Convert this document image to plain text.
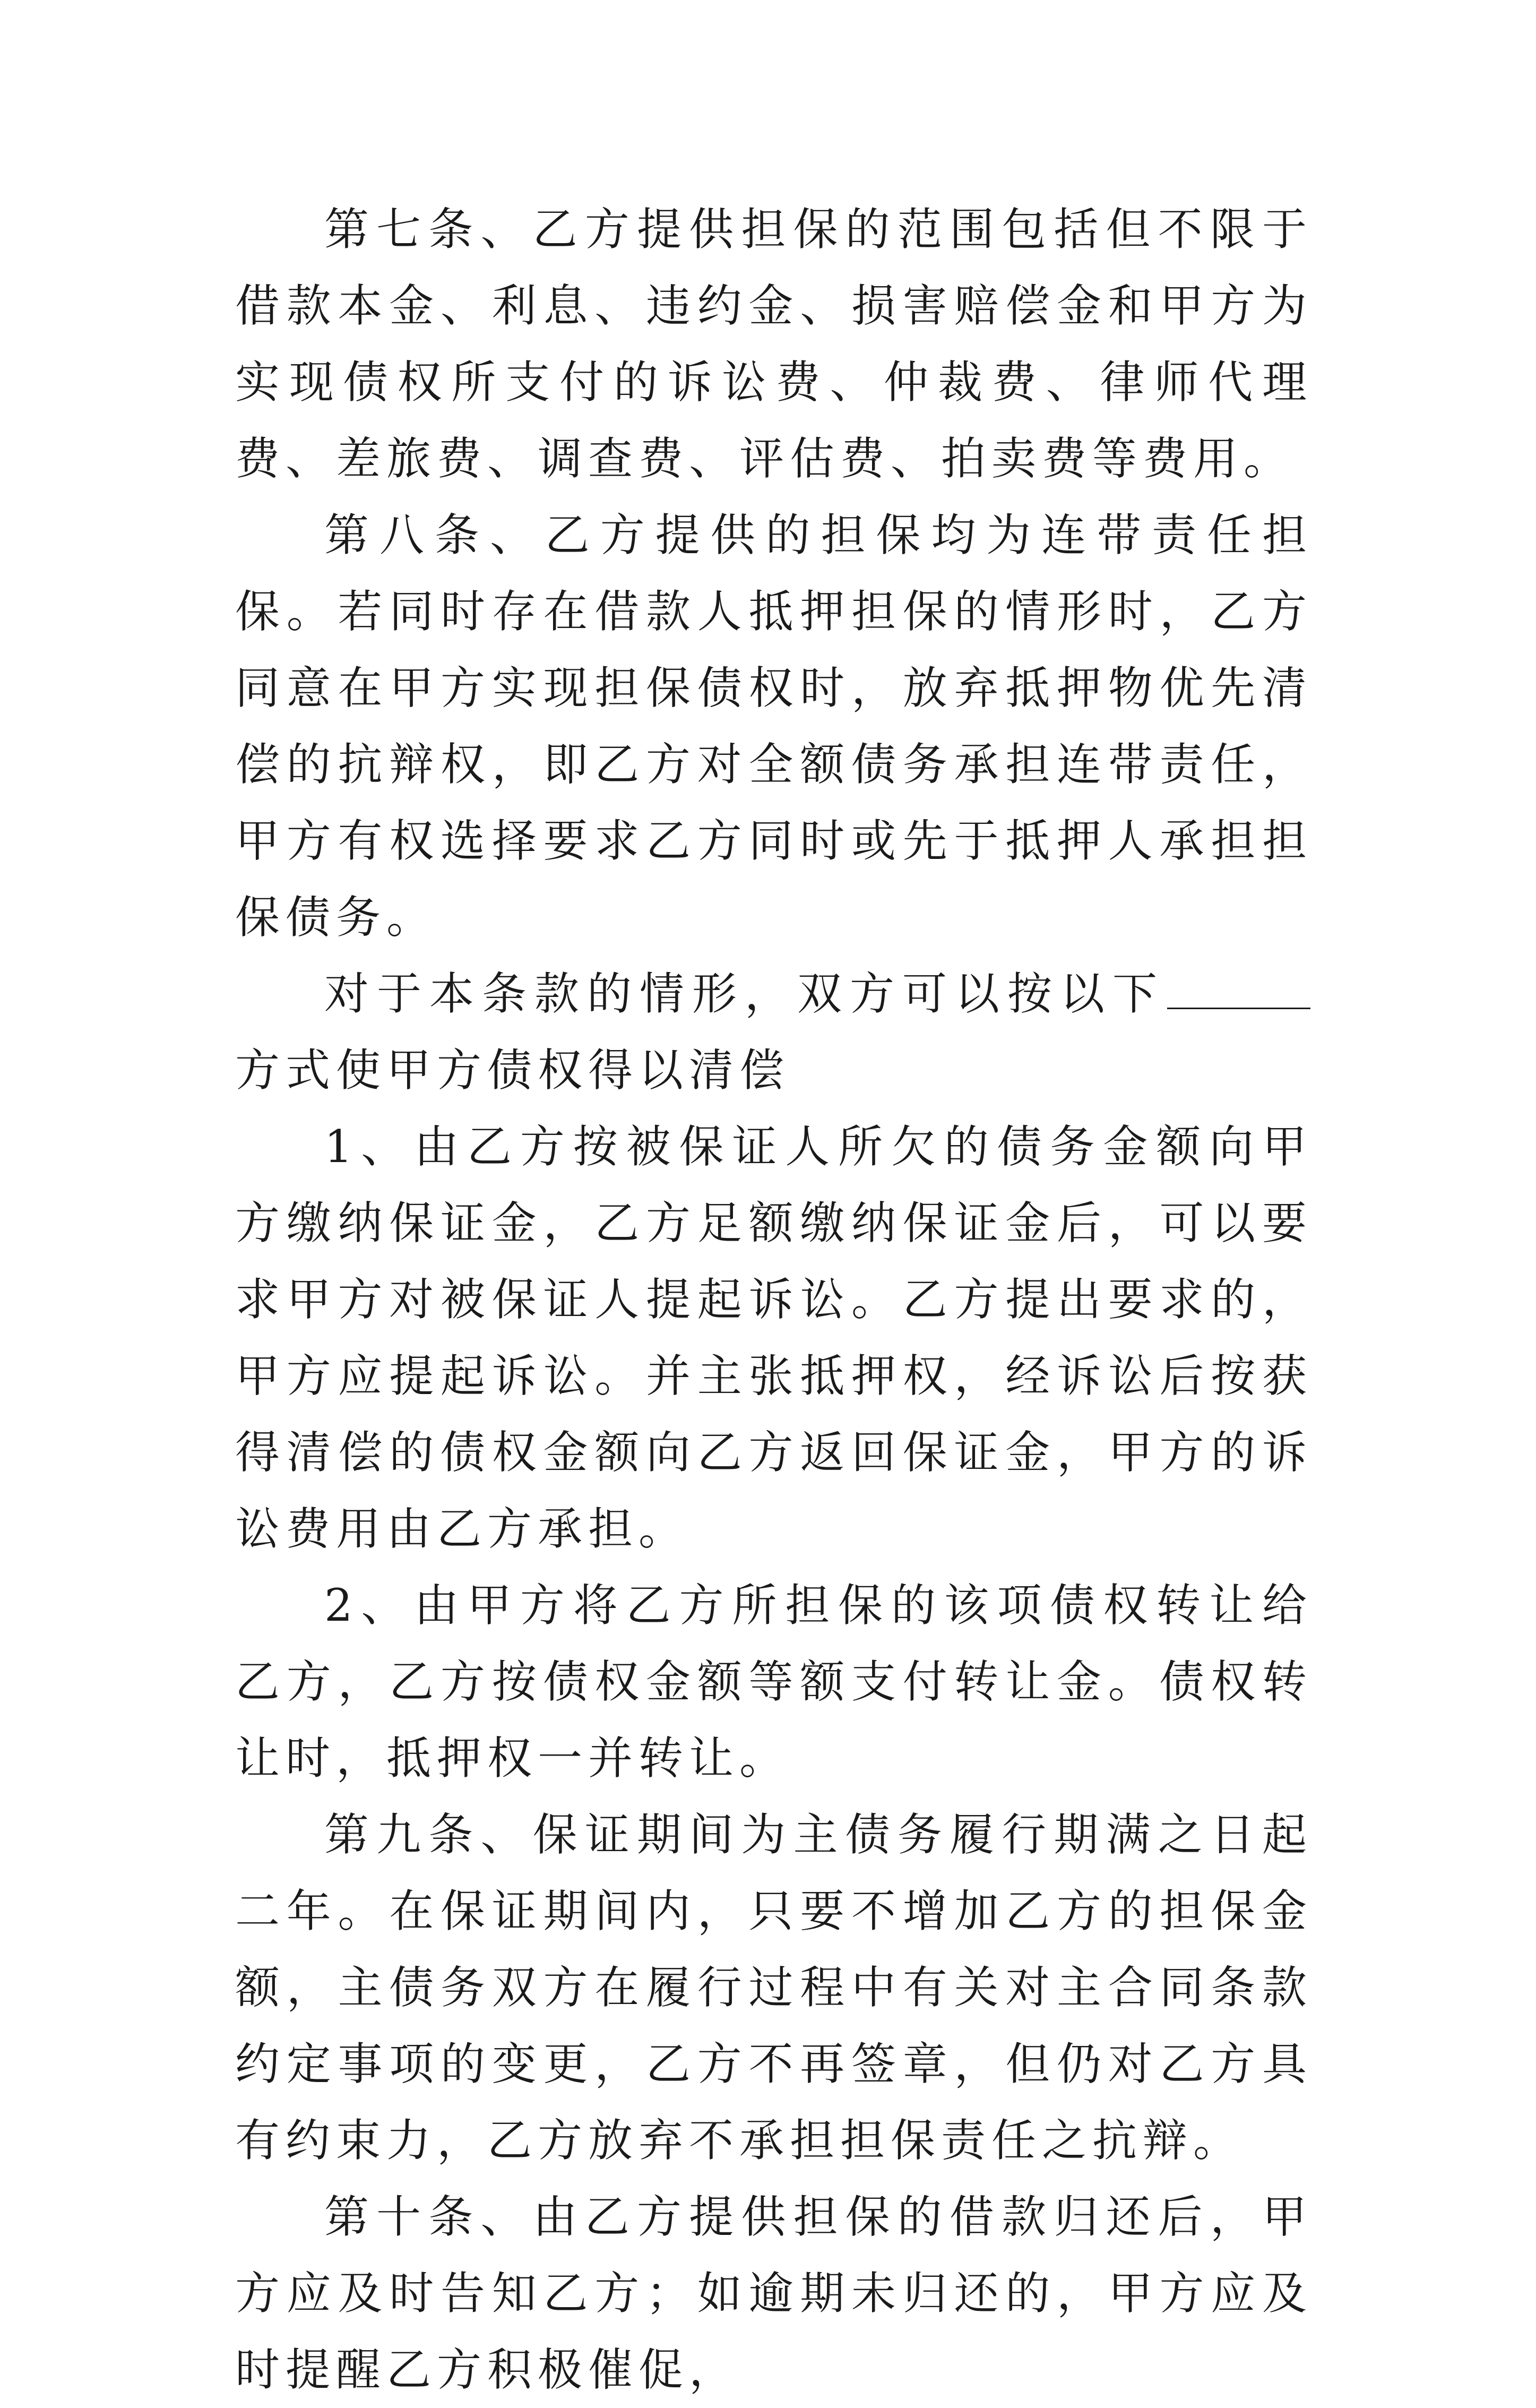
第七条、乙方提供担保的范围包括但不限于借款本金、利息、违约金、损害赔偿金和甲方为实现债权所支付的诉讼费、仲裁费、律师代理费、差旅费、调查费、评估费、拍卖费等费用。

第八条、乙方提供的担保均为连带责任担保。若同时存在借款人抵押担保的情形时，乙方同意在甲方实现担保债权时，放弃抵押物优先清偿的抗辩权，即乙方对全额债务承担连带责任，甲方有权选择要求乙方同时或先于抵押人承担担保债务。

对于本条款的情形，双方可以按以下方式使甲方债权得以清偿

1、由乙方按被保证人所欠的债务金额向甲方缴纳保证金，乙方足额缴纳保证金后，可以要求甲方对被保证人提起诉讼。乙方提出要求的，甲方应提起诉讼。并主张抵押权，经诉讼后按获得清偿的债权金额向乙方返回保证金，甲方的诉讼费用由乙方承担。

2、由甲方将乙方所担保的该项债权转让给乙方，乙方按债权金额等额支付转让金。债权转让时，抵押权一并转让。

第九条、保证期间为主债务履行期满之日起二年。在保证期间内，只要不增加乙方的担保金额，主债务双方在履行过程中有关对主合同条款约定事项的变更，乙方不再签章，但仍对乙方具有约束力，乙方放弃不承担担保责任之抗辩。

第十条、由乙方提供担保的借款归还后，甲方应及时告知乙方；如逾期未归还的，甲方应及时提醒乙方积极催促，
